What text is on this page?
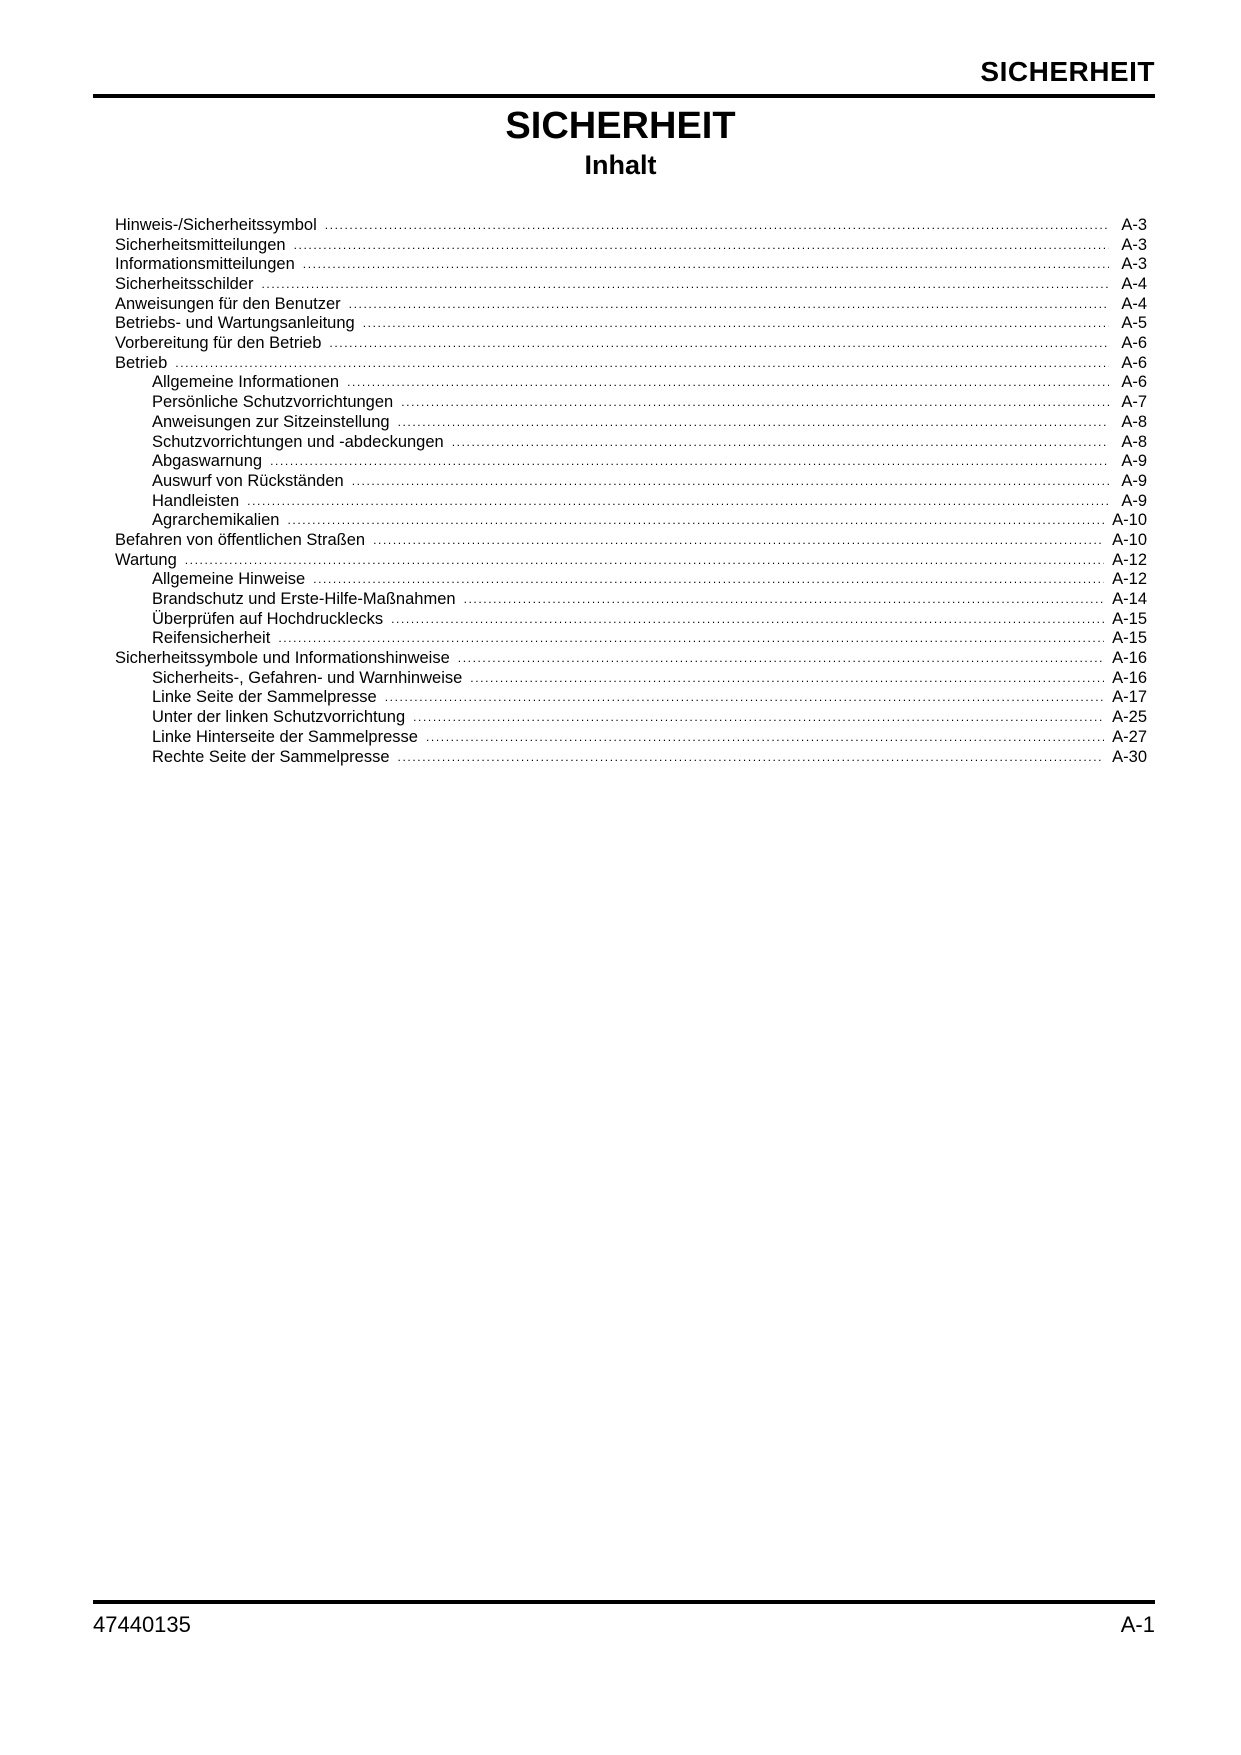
SICHERHEIT
SICHERHEIT
Inhalt
Hinweis-/Sicherheitssymbol .....	A-3
Sicherheitsmitteilungen .....	A-3
Informationsmitteilungen .....	A-3
Sicherheitsschilder .....	A-4
Anweisungen für den Benutzer .....	A-4
Betriebs- und Wartungsanleitung .....	A-5
Vorbereitung für den Betrieb .....	A-6
Betrieb .....	A-6
Allgemeine Informationen .....	A-6
Persönliche Schutzvorrichtungen .....	A-7
Anweisungen zur Sitzeinstellung .....	A-8
Schutzvorrichtungen und -abdeckungen .....	A-8
Abgaswarnung .....	A-9
Auswurf von Rückständen .....	A-9
Handleisten .....	A-9
Agrarchemikalien .....	A-10
Befahren von öffentlichen Straßen .....	A-10
Wartung .....	A-12
Allgemeine Hinweise .....	A-12
Brandschutz und Erste-Hilfe-Maßnahmen .....	A-14
Überprüfen auf Hochdrucklecks .....	A-15
Reifensicherheit .....	A-15
Sicherheitssymbole und Informationshinweise .....	A-16
Sicherheits-, Gefahren- und Warnhinweise .....	A-16
Linke Seite der Sammelpresse .....	A-17
Unter der linken Schutzvorrichtung .....	A-25
Linke Hinterseite der Sammelpresse .....	A-27
Rechte Seite der Sammelpresse .....	A-30
47440135	A-1
